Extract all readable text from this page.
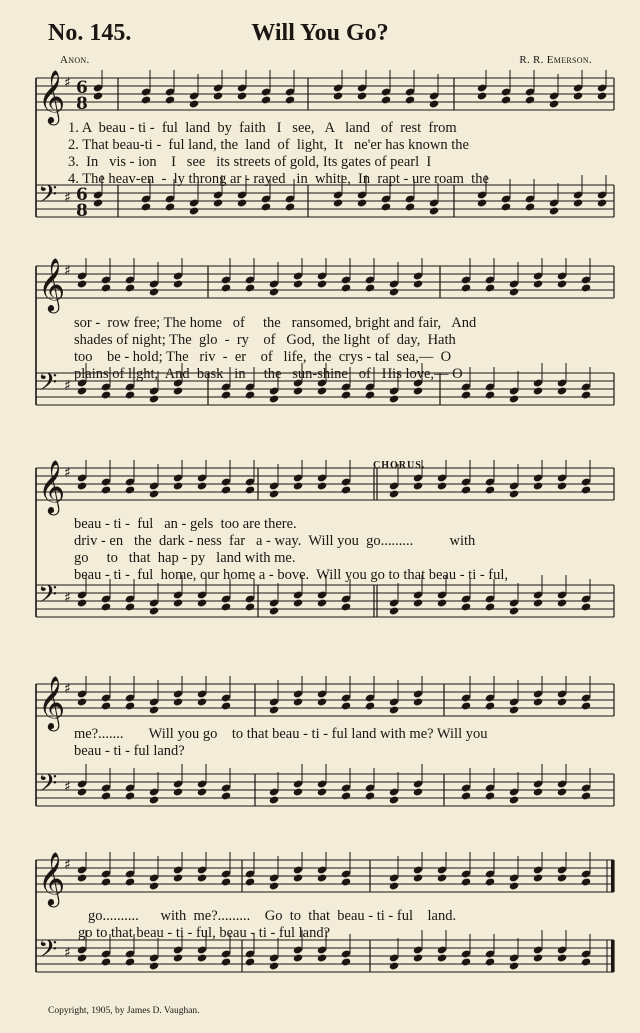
No. 145.	Will You Go?
Anon.	R. R. Emerson.
𝄞
♯ 6
8
𝄢 ♯ 6
8
𝄞
♯
𝄢 ♯
𝄞
♯
𝄢 ♯
𝄞
♯
𝄢 ♯
𝄞
♯
𝄢 ♯
CHORUS.

1. A  beau - ti -  ful  land  by  faith   I   see,   A   land   of  rest  from

2. That beau-ti -  ful land, the  land  of  light,  It   ne'er has known the

3.  In   vis - ion    I   see   its streets of gold, Its gates of pearl  I

4. The heav-en  -  ly throng ar - rayed   in  white,  In  rapt - ure roam  the

sor -  row free; The home   of     the   ransomed, bright and fair,   And

shades of night; The  glo  -  ry    of   God,  the light  of  day,  Hath

too    be - hold; The   riv  -  er    of   life,  the  crys - tal  sea,—  O

plains of light,  And  bask   in     the   sun-shine   of   His love,— O

beau - ti -  ful   an - gels  too are there.

driv - en   the  dark - ness  far   a - way.  Will you  go.........          with

go     to   that  hap - py   land with me.

beau - ti -  ful  home, our home a - bove.  Will you go to that beau - ti - ful,

me?.......       Will you go    to that beau - ti - ful land with me? Will you

beau - ti - ful land?

go..........      with  me?.........    Go  to  that  beau - ti - ful    land.

go to that beau - ti - ful, beau - ti - ful land?

Copyright, 1905, by James D. Vaughan.
